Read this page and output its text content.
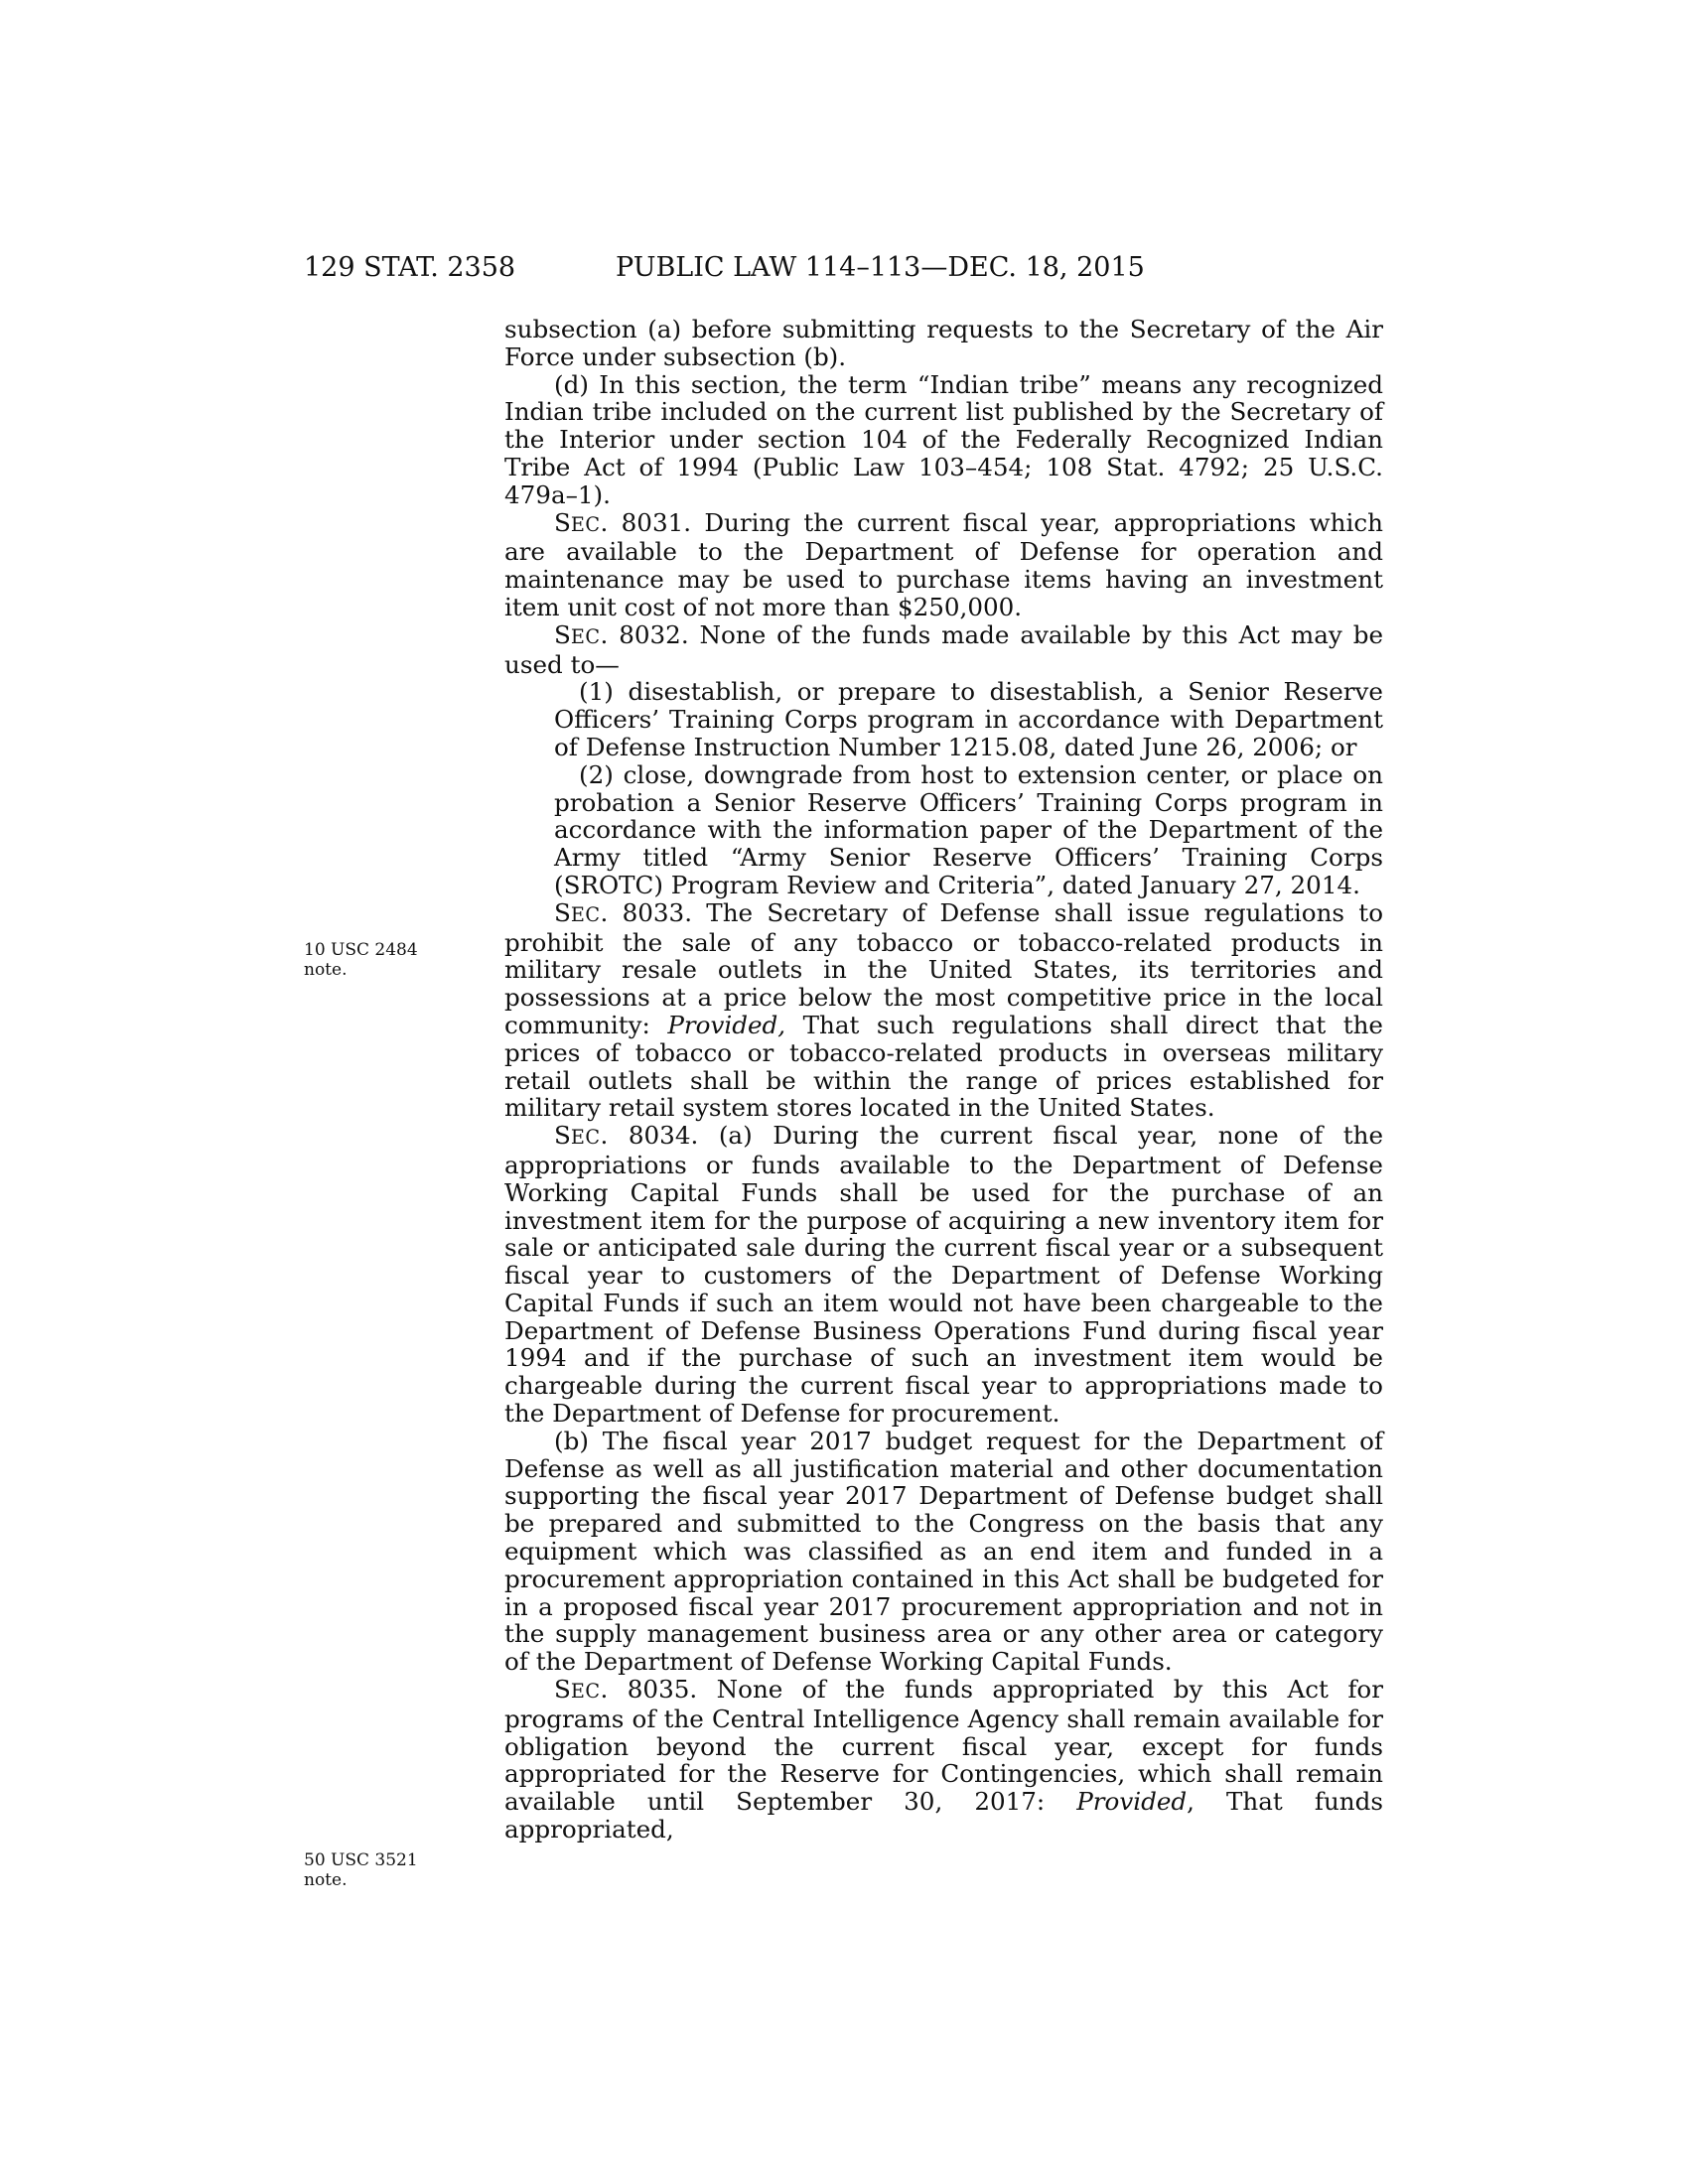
129 STAT. 2358	PUBLIC LAW 114–113—DEC. 18, 2015
10 USC 2484
note.
50 USC 3521
note.

subsection (a) before submitting requests to the Secretary of the Air Force under subsection (b).

(d) In this section, the term “Indian tribe” means any recognized Indian tribe included on the current list published by the Secretary of the Interior under section 104 of the Federally Recognized Indian Tribe Act of 1994 (Public Law 103–454; 108 Stat. 4792; 25 U.S.C. 479a–1).

SEC. 8031. During the current fiscal year, appropriations which are available to the Department of Defense for operation and maintenance may be used to purchase items having an investment item unit cost of not more than $250,000.

SEC. 8032. None of the funds made available by this Act may be used to—

(1) disestablish, or prepare to disestablish, a Senior Reserve Officers’ Training Corps program in accordance with Department of Defense Instruction Number 1215.08, dated June 26, 2006; or

(2) close, downgrade from host to extension center, or place on probation a Senior Reserve Officers’ Training Corps program in accordance with the information paper of the Department of the Army titled “Army Senior Reserve Officers’ Training Corps (SROTC) Program Review and Criteria”, dated January 27, 2014.

SEC. 8033. The Secretary of Defense shall issue regulations to prohibit the sale of any tobacco or tobacco-related products in military resale outlets in the United States, its territories and possessions at a price below the most competitive price in the local community: Provided, That such regulations shall direct that the prices of tobacco or tobacco-related products in overseas military retail outlets shall be within the range of prices established for military retail system stores located in the United States.

SEC. 8034. (a) During the current fiscal year, none of the appropriations or funds available to the Department of Defense Working Capital Funds shall be used for the purchase of an investment item for the purpose of acquiring a new inventory item for sale or anticipated sale during the current fiscal year or a subsequent fiscal year to customers of the Department of Defense Working Capital Funds if such an item would not have been chargeable to the Department of Defense Business Operations Fund during fiscal year 1994 and if the purchase of such an investment item would be chargeable during the current fiscal year to appropriations made to the Department of Defense for procurement.

(b) The fiscal year 2017 budget request for the Department of Defense as well as all justification material and other documentation supporting the fiscal year 2017 Department of Defense budget shall be prepared and submitted to the Congress on the basis that any equipment which was classified as an end item and funded in a procurement appropriation contained in this Act shall be budgeted for in a proposed fiscal year 2017 procurement appropriation and not in the supply management business area or any other area or category of the Department of Defense Working Capital Funds.

SEC. 8035. None of the funds appropriated by this Act for programs of the Central Intelligence Agency shall remain available for obligation beyond the current fiscal year, except for funds appropriated for the Reserve for Contingencies, which shall remain available until September 30, 2017: Provided, That funds appropriated,
